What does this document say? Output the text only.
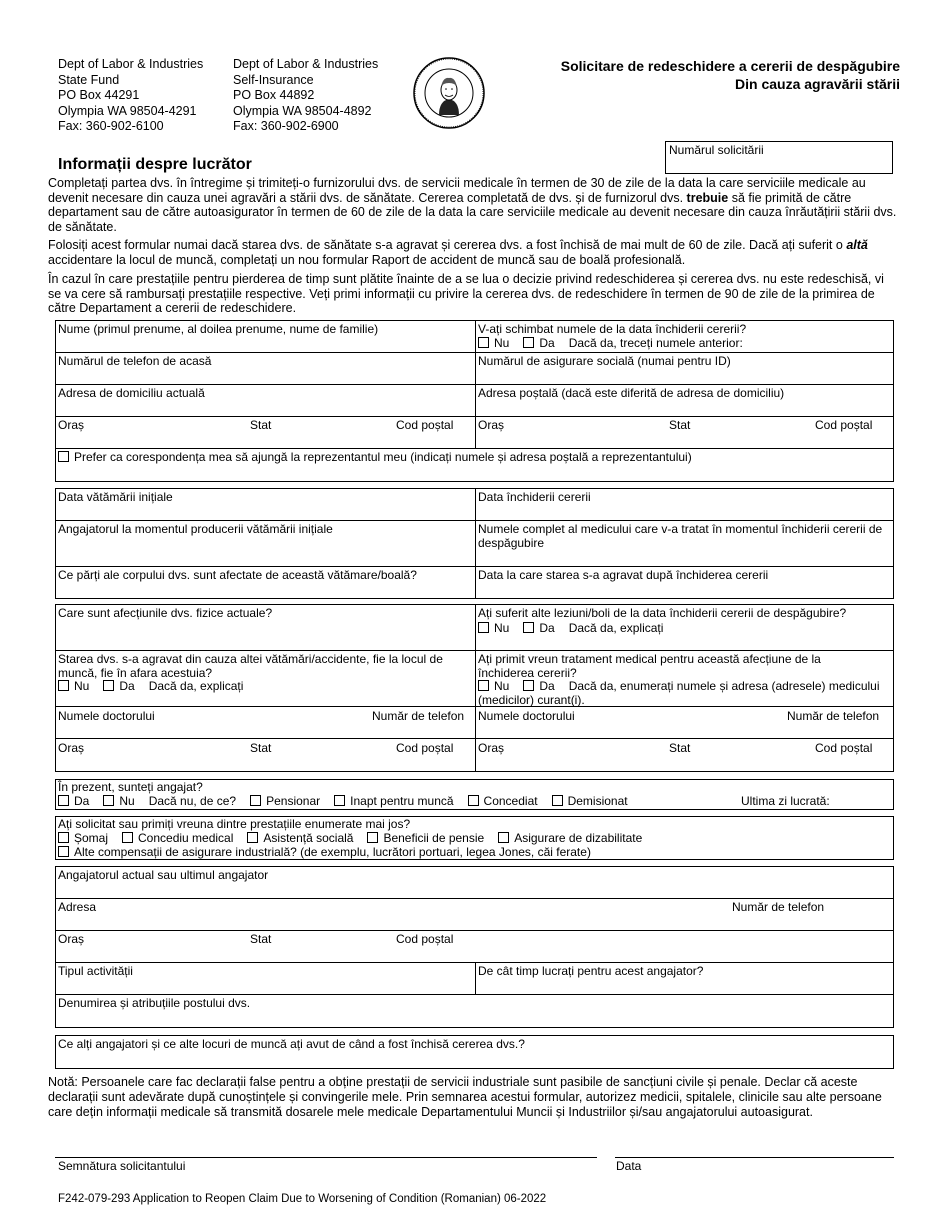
Dept of Labor & Industries
State Fund
PO Box 44291
Olympia WA 98504-4291
Fax: 360-902-6100
Dept of Labor & Industries
Self-Insurance
PO Box 44892
Olympia WA 98504-4892
Fax: 360-902-6900
Solicitare de redeschidere a cererii de despăgubire
Din cauza agravării stării
Numărul solicitării
Informații despre lucrător
Completați partea dvs. în întregime și trimiteți-o furnizorului dvs. de servicii medicale în termen de 30 de zile de la data la care serviciile medicale au devenit necesare din cauza unei agravări a stării dvs. de sănătate. Cererea completată de dvs. și de furnizorul dvs. trebuie să fie primită de către departament sau de către autoasigurator în termen de 60 de zile de la data la care serviciile medicale au devenit necesare din cauza înrăutățirii stării dvs. de sănătate.
Folosiți acest formular numai dacă starea dvs. de sănătate s-a agravat și cererea dvs. a fost închisă de mai mult de 60 de zile. Dacă ați suferit o altă accidentare la locul de muncă, completați un nou formular Raport de accident de muncă sau de boală profesională.
În cazul în care prestațiile pentru pierderea de timp sunt plătite înainte de a se lua o decizie privind redeschiderea și cererea dvs. nu este redeschisă, vi se va cere să rambursați prestațiile respective. Veți primi informații cu privire la cererea dvs. de redeschidere în termen de 90 de zile de la primirea de către Departament a cererii de redeschidere.
Nume (primul prenume, al doilea prenume, nume de familie)	V-ați schimbat numele de la data închiderii cererii?
Nu	Da Dacă da, treceți numele anterior:
Numărul de telefon de acasă	Numărul de asigurare socială (numai pentru ID)
Adresa de domiciliu actuală	Adresa poștală (dacă este diferită de adresa de domiciliu)
Oraș	Stat	Cod poștal Oraș	Stat	Cod poștal
Prefer ca corespondența mea să ajungă la reprezentantul meu (indicați numele și adresa poștală a reprezentantului)
Data vătămării inițiale	Data închiderii cererii
Angajatorul la momentul producerii vătămării inițiale	Numele complet al medicului care v-a tratat în momentul închiderii cererii de despăgubire
Ce părți ale corpului dvs. sunt afectate de această vătămare/boală?	Data la care starea s-a agravat după închiderea cererii
Care sunt afecțiunile dvs. fizice actuale?	Ați suferit alte leziuni/boli de la data închiderii cererii de despăgubire?
Nu	Da Dacă da, explicați
Starea dvs. s-a agravat din cauza altei vătămări/accidente, fie la locul de muncă, fie în afara acestuia?
Nu	Da Dacă da, explicați
Ați primit vreun tratament medical pentru această afecțiune de la închiderea cererii?
Nu	Da Dacă da, enumerați numele și adresa (adresele) medicului (medicilor) curant(i).
Numele doctorului	Număr de telefon Numele doctorului	Număr de telefon
Oraș	Stat	Cod poștal Oraș	Stat	Cod poștal
În prezent, sunteți angajat?
Da	Nu Dacă nu, de ce?	Pensionar	Inapt pentru muncă	Concediat	Demisionat	Ultima zi lucrată:
Ați solicitat sau primiți vreuna dintre prestațiile enumerate mai jos?
Șomaj	Concediu medical	Asistență socială	Beneficii de pensie	Asigurare de dizabilitate
Alte compensații de asigurare industrială? (de exemplu, lucrători portuari, legea Jones, căi ferate)
Angajatorul actual sau ultimul angajator
Adresa	Număr de telefon
Oraș	Stat	Cod poștal
Tipul activității	De cât timp lucrați pentru acest angajator?
Denumirea și atribuțiile postului dvs.
Ce alți angajatori și ce alte locuri de muncă ați avut de când a fost închisă cererea dvs.?
Notă: Persoanele care fac declarații false pentru a obține prestații de servicii industriale sunt pasibile de sancțiuni civile și penale. Declar că aceste declarații sunt adevărate după cunoștințele și convingerile mele. Prin semnarea acestui formular, autorizez medicii, spitalele, clinicile sau alte persoane care dețin informații medicale să transmită dosarele mele medicale Departamentului Muncii și Industriilor și/sau angajatorului autoasigurat.
Semnătura solicitantului	Data
F242-079-293 Application to Reopen Claim Due to Worsening of Condition (Romanian) 06-2022
